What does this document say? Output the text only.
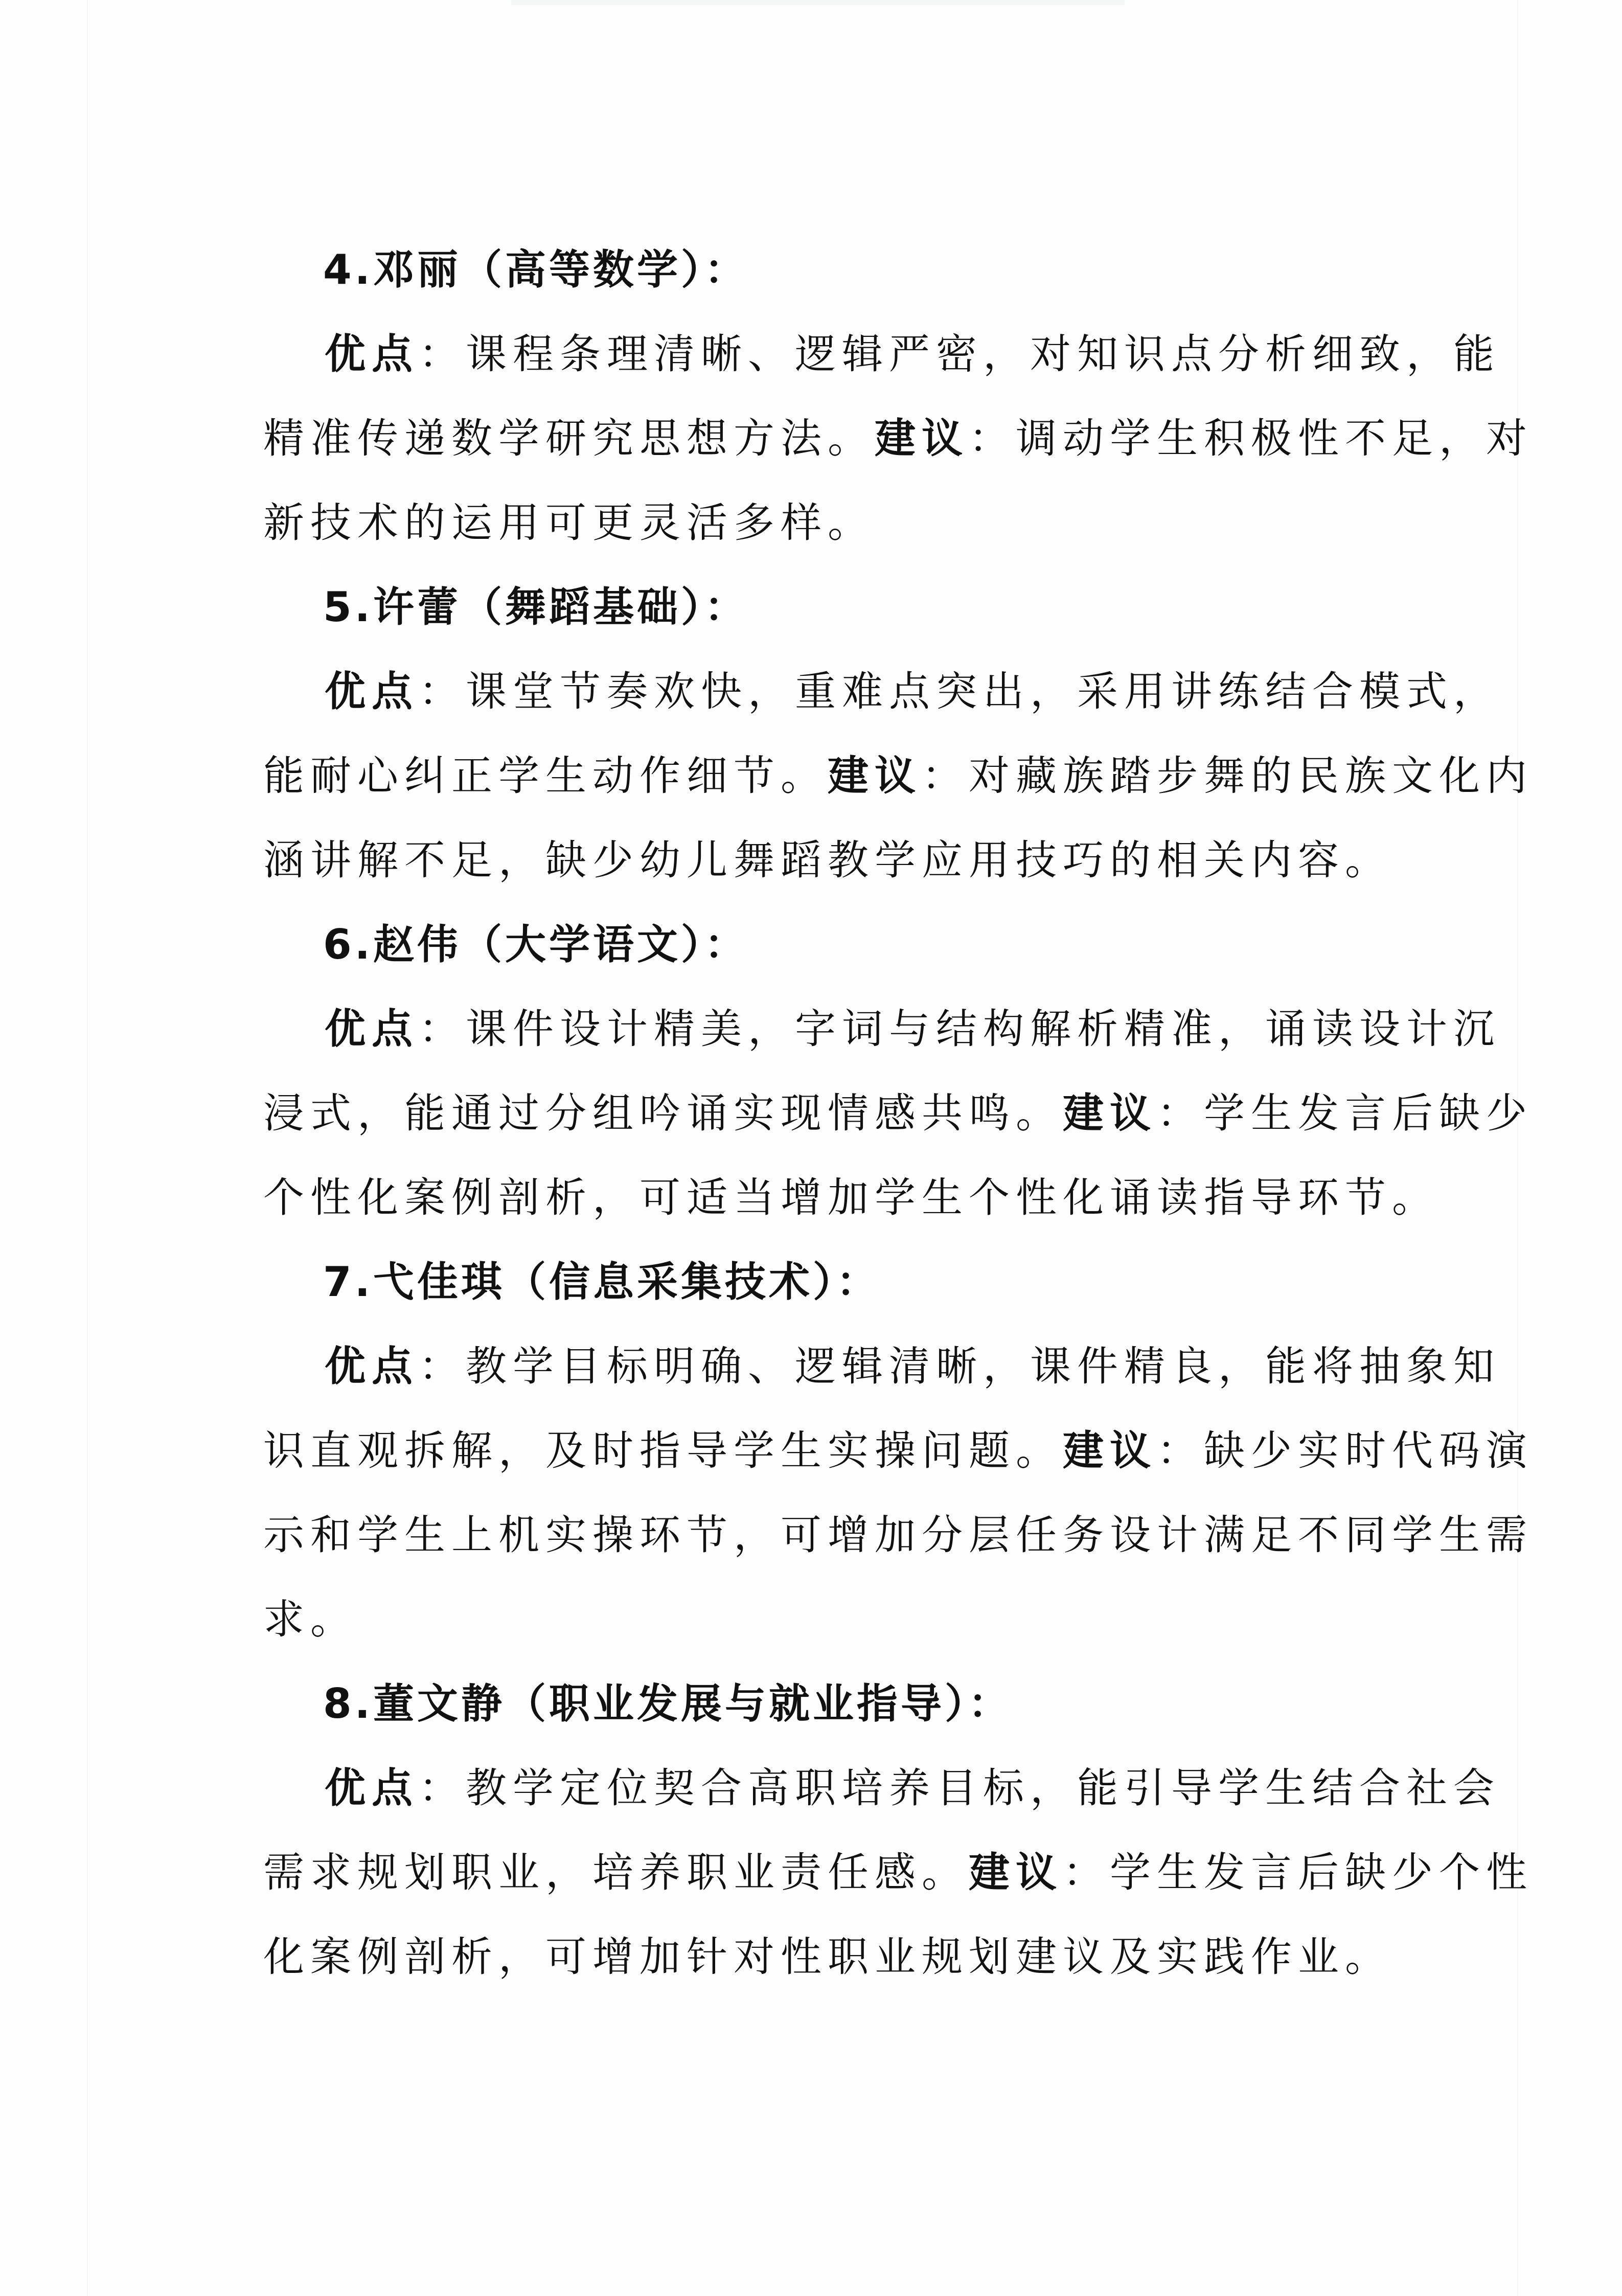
4.邓丽（高等数学）：
优点：课程条理清晰、逻辑严密，对知识点分析细致，能
精准传递数学研究思想方法。建议：调动学生积极性不足，对
新技术的运用可更灵活多样。
5.许蕾（舞蹈基础）：
优点：课堂节奏欢快，重难点突出，采用讲练结合模式，
能耐心纠正学生动作细节。建议：对藏族踏步舞的民族文化内
涵讲解不足，缺少幼儿舞蹈教学应用技巧的相关内容。
6.赵伟（大学语文）：
优点：课件设计精美，字词与结构解析精准，诵读设计沉
浸式，能通过分组吟诵实现情感共鸣。建议：学生发言后缺少
个性化案例剖析，可适当增加学生个性化诵读指导环节。
7.弋佳琪（信息采集技术）：
优点：教学目标明确、逻辑清晰，课件精良，能将抽象知
识直观拆解，及时指导学生实操问题。建议：缺少实时代码演
示和学生上机实操环节，可增加分层任务设计满足不同学生需
求。
8.董文静（职业发展与就业指导）：
优点：教学定位契合高职培养目标，能引导学生结合社会
需求规划职业，培养职业责任感。建议：学生发言后缺少个性
化案例剖析，可增加针对性职业规划建议及实践作业。
